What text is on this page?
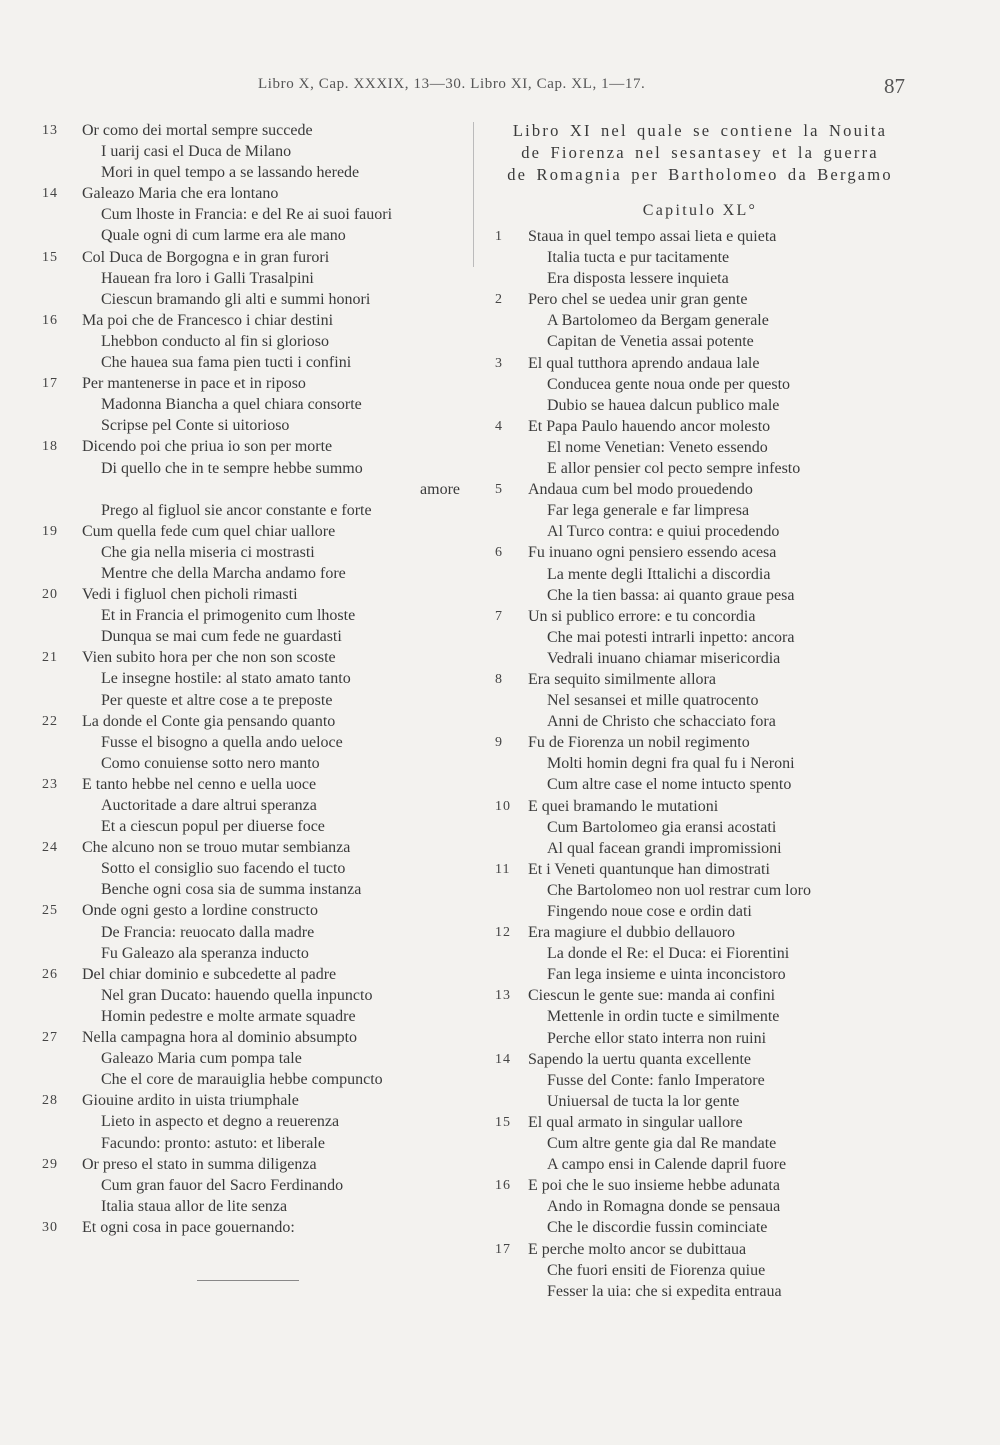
Libro X, Cap. XXXIX, 13—30. Libro XI, Cap. XL, 1—17.	87
13	Or como dei mortal sempre succede
I uarij casi el Duca de Milano
Mori in quel tempo a se lassando herede
14	Galeazo Maria che era lontano
Cum lhoste in Francia: e del Re ai suoi fauori
Quale ogni di cum larme era ale mano
15	Col Duca de Borgogna e in gran furori
Hauean fra loro i Galli Trasalpini
Ciescun bramando gli alti e summi honori
16	Ma poi che de Francesco i chiar destini
Lhebbon conducto al fin si glorioso
Che hauea sua fama pien tucti i confini
17	Per mantenerse in pace et in riposo
Madonna Biancha a quel chiara consorte
Scripse pel Conte si uitorioso
18	Dicendo poi che priua io son per morte
Di quello che in te sempre hebbe summo
amore
Prego al figluol sie ancor constante e forte
19	Cum quella fede cum quel chiar uallore
Che gia nella miseria ci mostrasti
Mentre che della Marcha andamo fore
20	Vedi i figluol chen picholi rimasti
Et in Francia el primogenito cum lhoste
Dunqua se mai cum fede ne guardasti
21	Vien subito hora per che non son scoste
Le insegne hostile: al stato amato tanto
Per queste et altre cose a te preposte
22	La donde el Conte gia pensando quanto
Fusse el bisogno a quella ando ueloce
Como conuiense sotto nero manto
23	E tanto hebbe nel cenno e uella uoce
Auctoritade a dare altrui speranza
Et a ciescun popul per diuerse foce
24	Che alcuno non se trouo mutar sembianza
Sotto el consiglio suo facendo el tucto
Benche ogni cosa sia de summa instanza
25	Onde ogni gesto a lordine constructo
De Francia: reuocato dalla madre
Fu Galeazo ala speranza inducto
26	Del chiar dominio e subcedette al padre
Nel gran Ducato: hauendo quella inpuncto
Homin pedestre e molte armate squadre
27	Nella campagna hora al dominio absumpto
Galeazo Maria cum pompa tale
Che el core de marauiglia hebbe compuncto
28	Giouine ardito in uista triumphale
Lieto in aspecto et degno a reuerenza
Facundo: pronto: astuto: et liberale
29	Or preso el stato in summa diligenza
Cum gran fauor del Sacro Ferdinando
Italia staua allor de lite senza
30	Et ogni cosa in pace gouernando:
Libro XI nel quale se contiene la Nouita
de Fiorenza nel sesantasey et la guerra
de Romagnia per Bartholomeo da Bergamo
Capitulo XL°
1	Staua in quel tempo assai lieta e quieta
Italia tucta e pur tacitamente
Era disposta lessere inquieta
2	Pero chel se uedea unir gran gente
A Bartolomeo da Bergam generale
Capitan de Venetia assai potente
3	El qual tutthora aprendo andaua lale
Conducea gente noua onde per questo
Dubio se hauea dalcun publico male
4	Et Papa Paulo hauendo ancor molesto
El nome Venetian: Veneto essendo
E allor pensier col pecto sempre infesto
5	Andaua cum bel modo prouedendo
Far lega generale e far limpresa
Al Turco contra: e quiui procedendo
6	Fu inuano ogni pensiero essendo acesa
La mente degli Ittalichi a discordia
Che la tien bassa: ai quanto graue pesa
7	Un si publico errore: e tu concordia
Che mai potesti intrarli inpetto: ancora
Vedrali inuano chiamar misericordia
8	Era sequito similmente allora
Nel sesansei et mille quatrocento
Anni de Christo che schacciato fora
9	Fu de Fiorenza un nobil regimento
Molti homin degni fra qual fu i Neroni
Cum altre case el nome intucto spento
10	E quei bramando le mutationi
Cum Bartolomeo gia eransi acostati
Al qual facean grandi impromissioni
11	Et i Veneti quantunque han dimostrati
Che Bartolomeo non uol restrar cum loro
Fingendo noue cose e ordin dati
12	Era magiure el dubbio dellauoro
La donde el Re: el Duca: ei Fiorentini
Fan lega insieme e uinta inconcistoro
13	Ciescun le gente sue: manda ai confini
Mettenle in ordin tucte e similmente
Perche ellor stato interra non ruini
14	Sapendo la uertu quanta excellente
Fusse del Conte: fanlo Imperatore
Uniuersal de tucta la lor gente
15	El qual armato in singular uallore
Cum altre gente gia dal Re mandate
A campo ensi in Calende dapril fuore
16	E poi che le suo insieme hebbe adunata
Ando in Romagna donde se pensaua
Che le discordie fussin cominciate
17	E perche molto ancor se dubittaua
Che fuori ensiti de Fiorenza quiue
Fesser la uia: che si expedita entraua
